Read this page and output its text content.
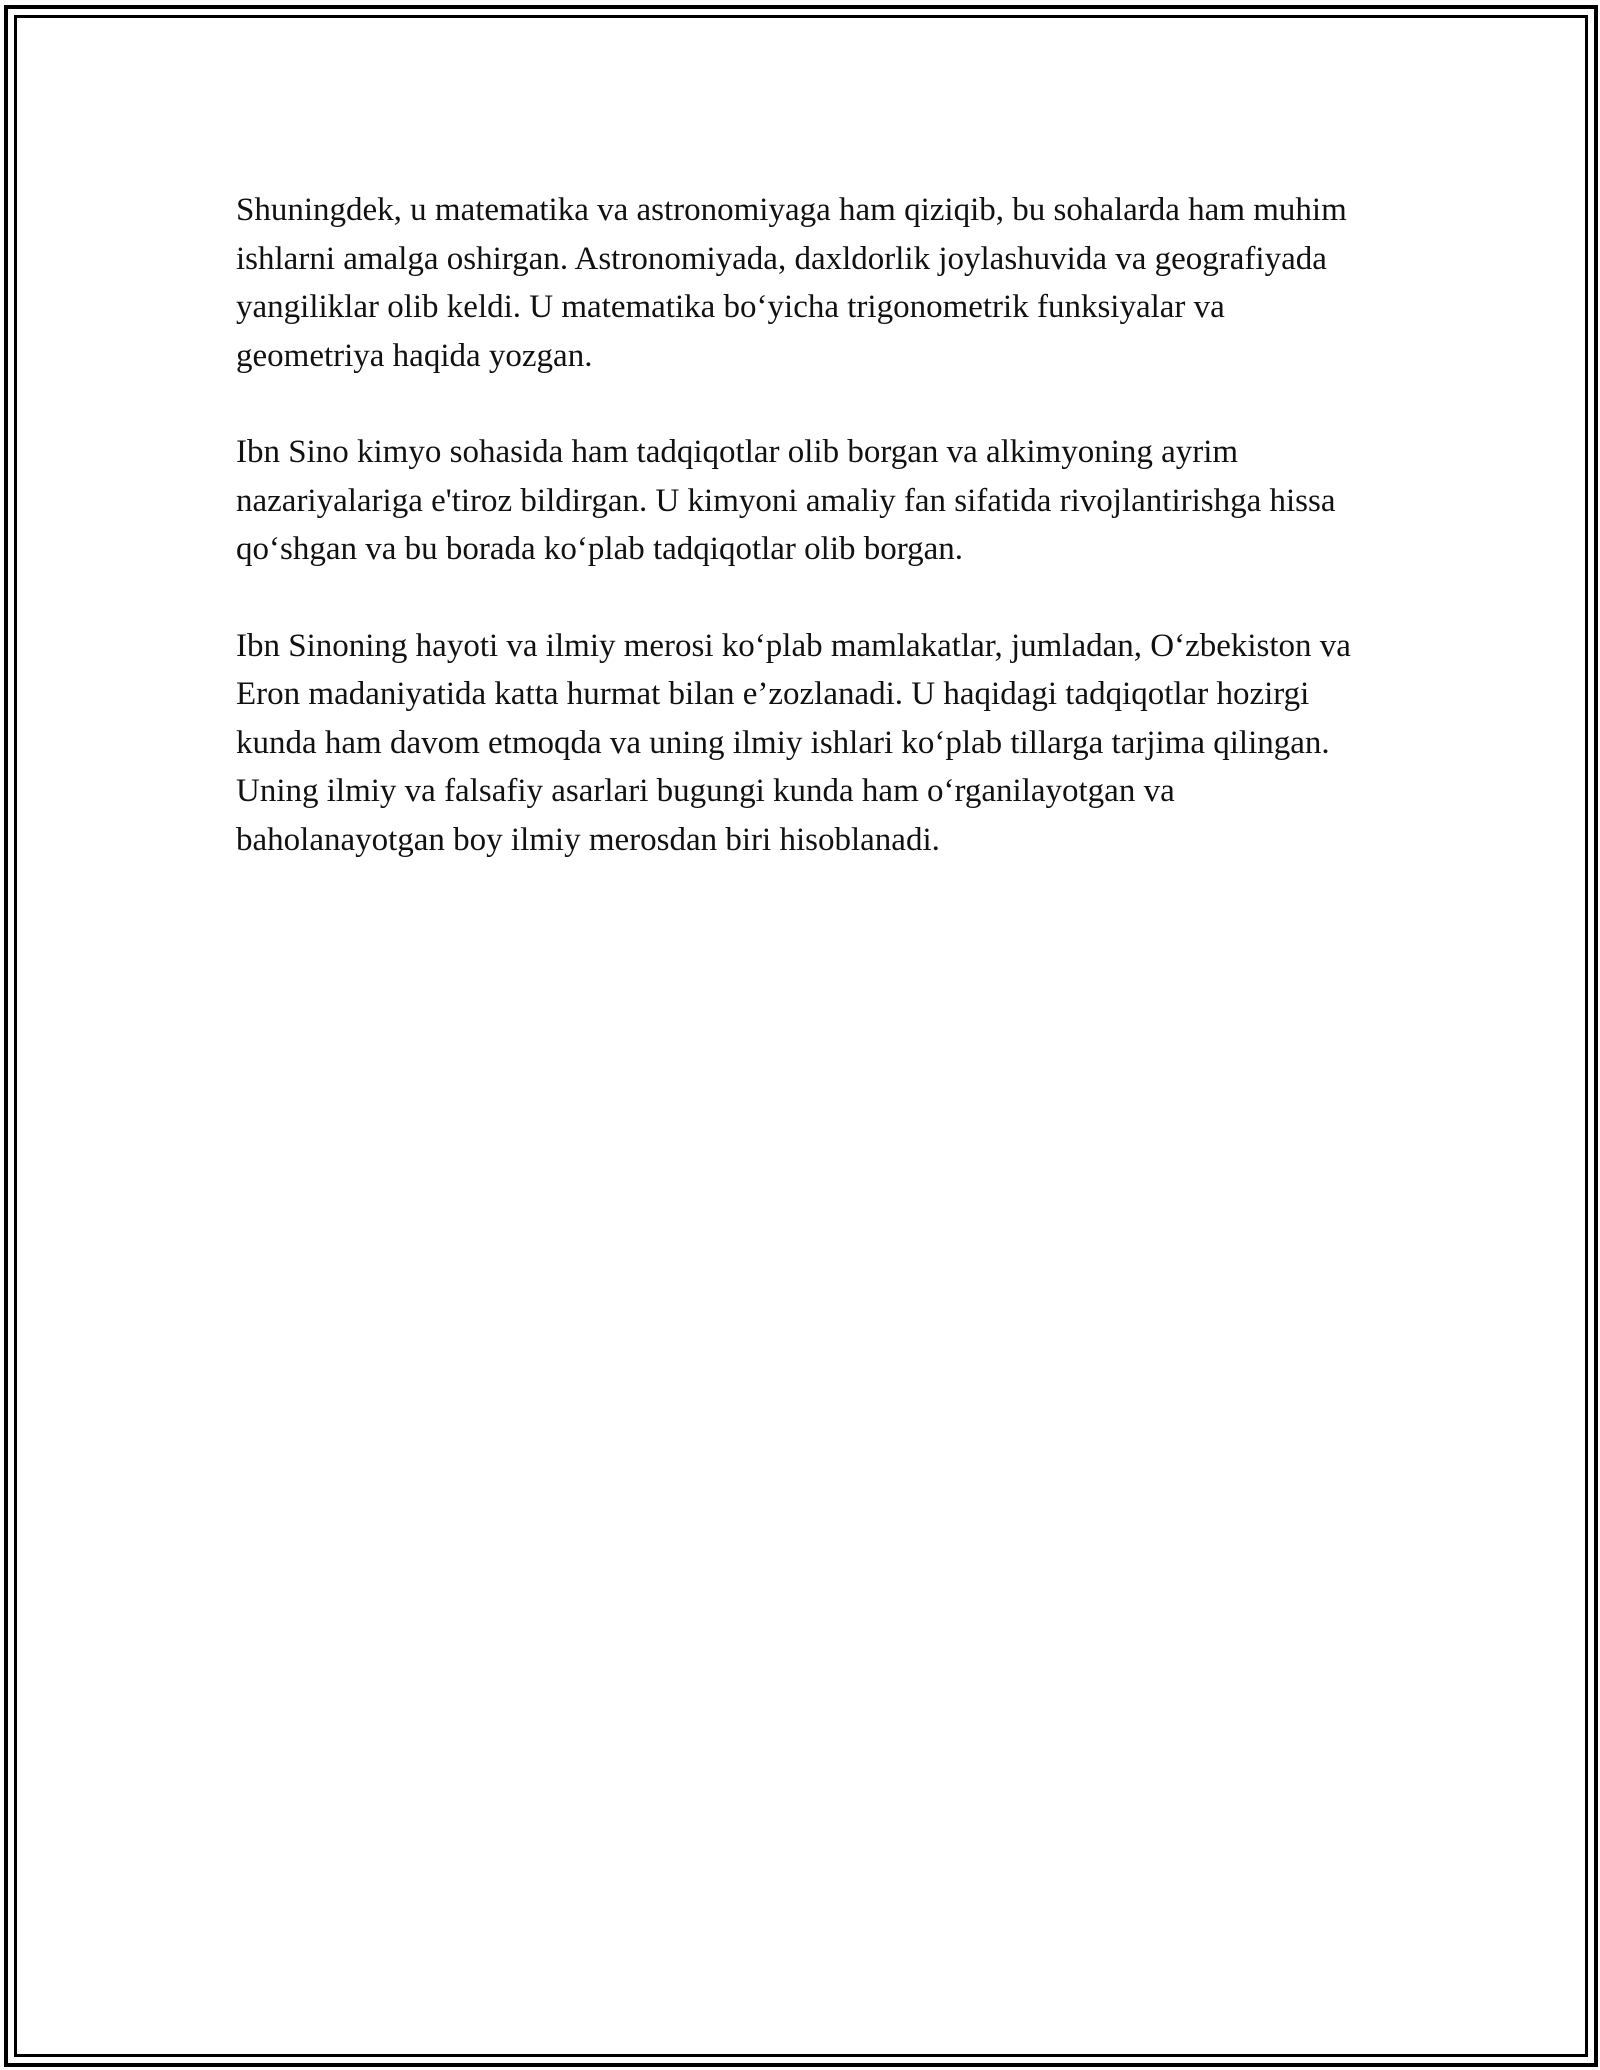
Shuningdek, u matematika va astronomiyaga ham qiziqib, bu sohalarda ham muhim ishlarni amalga oshirgan. Astronomiyada, daxldorlik joylashuvida va geografiyada yangiliklar olib keldi. U matematika bo‘yicha trigonometrik funksiyalar va geometriya haqida yozgan.

Ibn Sino kimyo sohasida ham tadqiqotlar olib borgan va alkimyoning ayrim nazariyalariga e'tiroz bildirgan. U kimyoni amaliy fan sifatida rivojlantirishga hissa qo‘shgan va bu borada ko‘plab tadqiqotlar olib borgan.

Ibn Sinoning hayoti va ilmiy merosi ko‘plab mamlakatlar, jumladan, O‘zbekiston va Eron madaniyatida katta hurmat bilan e’zozlanadi. U haqidagi tadqiqotlar hozirgi kunda ham davom etmoqda va uning ilmiy ishlari ko‘plab tillarga tarjima qilingan. Uning ilmiy va falsafiy asarlari bugungi kunda ham o‘rganilayotgan va baholanayotgan boy ilmiy merosdan biri hisoblanadi.
